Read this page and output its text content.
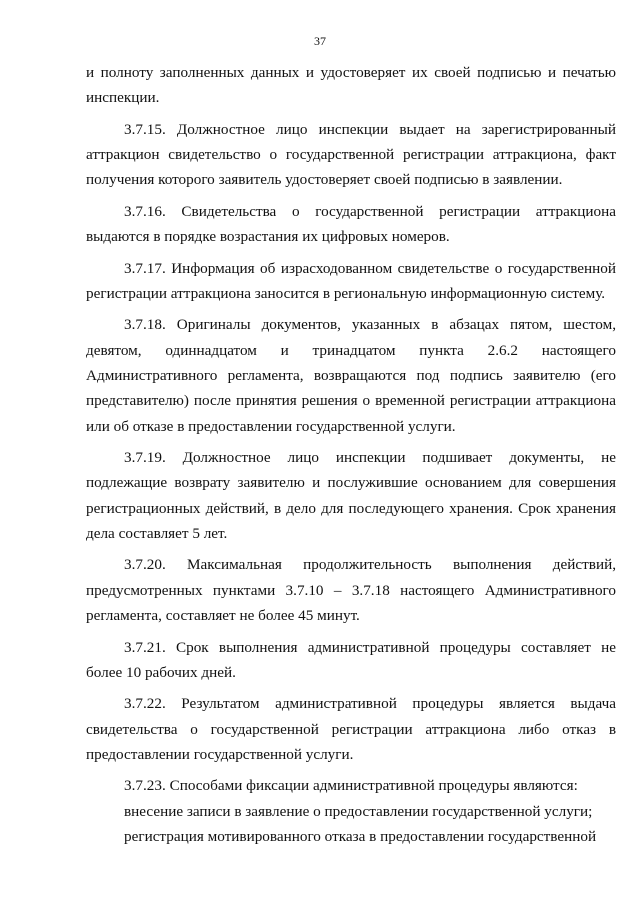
37

и полноту заполненных данных и удостоверяет их своей подписью и печатью инспекции.

3.7.15. Должностное лицо инспекции выдает на зарегистрированный аттракцион свидетельство о государственной регистрации аттракциона, факт получения которого заявитель удостоверяет своей подписью в заявлении.

3.7.16. Свидетельства о государственной регистрации аттракциона выдаются в порядке возрастания их цифровых номеров.

3.7.17. Информация об израсходованном свидетельстве о государственной регистрации аттракциона заносится в региональную информационную систему.

3.7.18. Оригиналы документов, указанных в абзацах пятом, шестом, девятом, одиннадцатом и тринадцатом пункта 2.6.2 настоящего Административного регламента, возвращаются под подпись заявителю (его представителю) после принятия решения о временной регистрации аттракциона или об отказе в предоставлении государственной услуги.

3.7.19. Должностное лицо инспекции подшивает документы, не подлежащие возврату заявителю и послужившие основанием для совершения регистрационных действий, в дело для последующего хранения. Срок хранения дела составляет 5 лет.

3.7.20. Максимальная продолжительность выполнения действий, предусмотренных пунктами 3.7.10 – 3.7.18 настоящего Административного регламента, составляет не более 45 минут.

3.7.21. Срок выполнения административной процедуры составляет не более 10 рабочих дней.

3.7.22. Результатом административной процедуры является выдача свидетельства о государственной регистрации аттракциона либо отказ в предоставлении государственной услуги.

3.7.23. Способами фиксации административной процедуры являются:

внесение записи в заявление о предоставлении государственной услуги;

регистрация мотивированного отказа в предоставлении государственной
